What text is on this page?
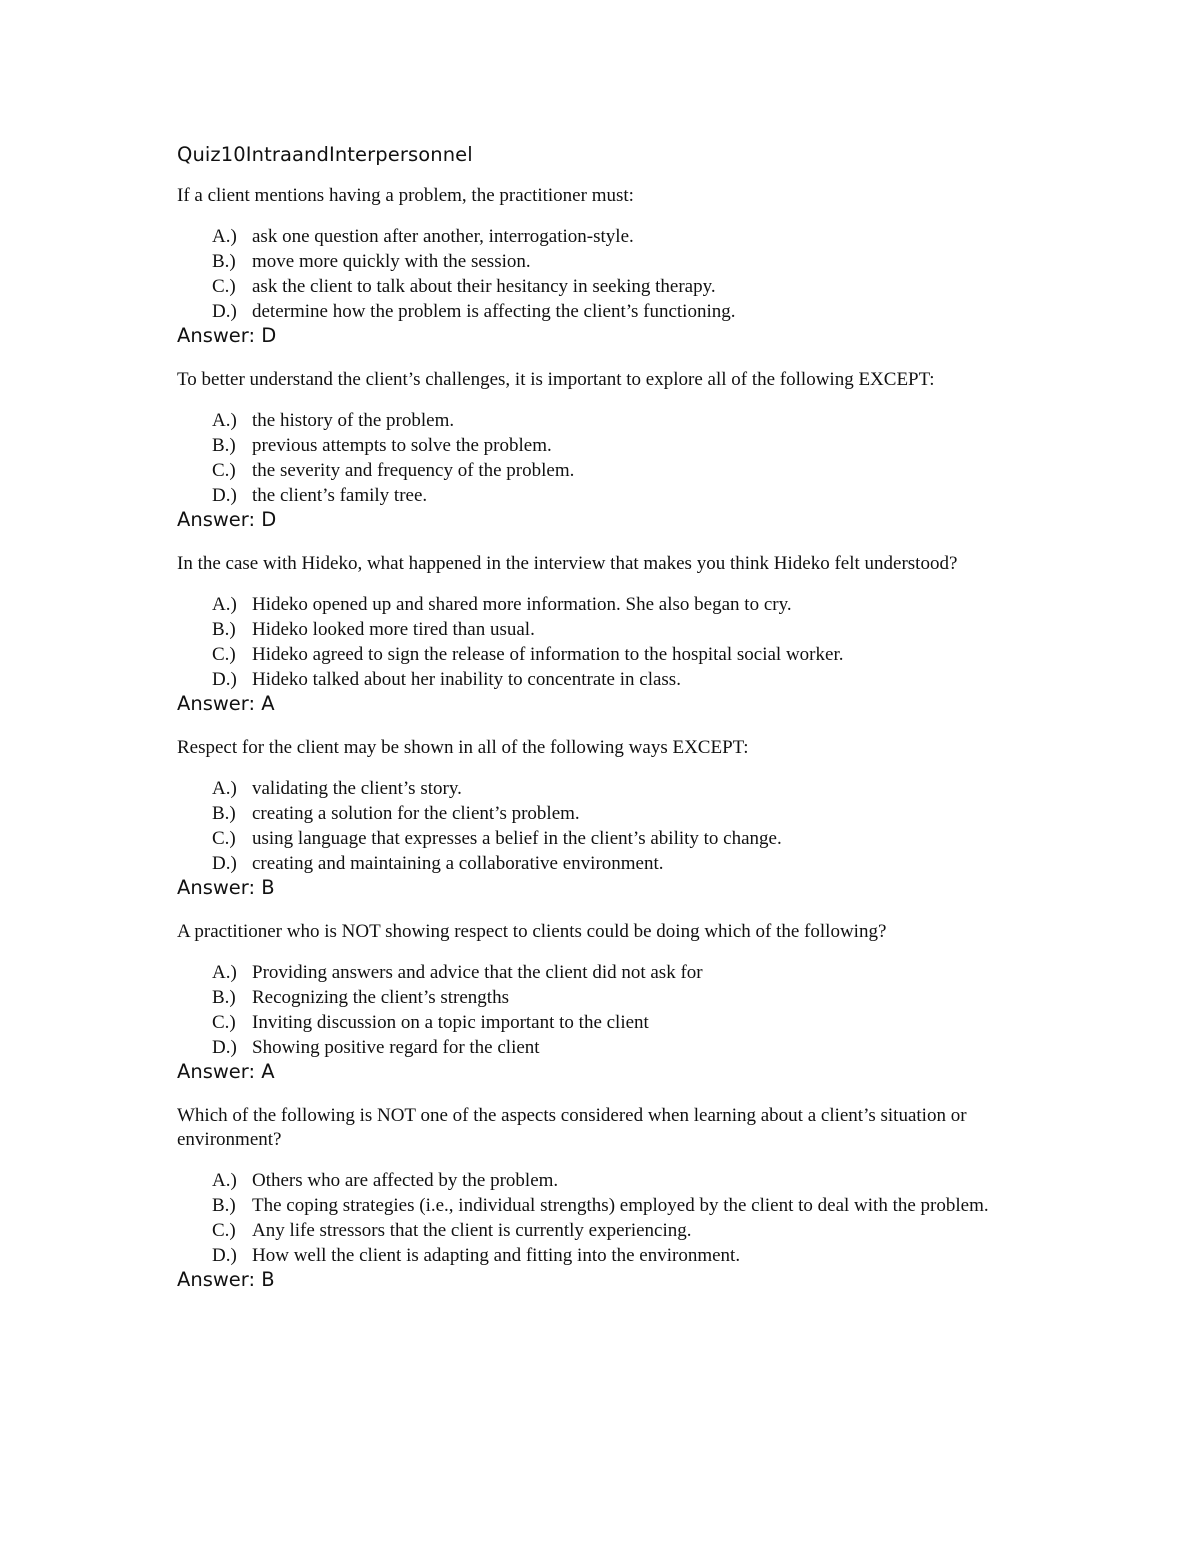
Quiz10IntraandInterpersonnel

If a client mentions having a problem, the practitioner must:

A.) ask one question after another, interrogation-style.
B.) move more quickly with the session.
C.) ask the client to talk about their hesitancy in seeking therapy.
D.) determine how the problem is affecting the client’s functioning.

Answer: D

To better understand the client’s challenges, it is important to explore all of the following EXCEPT:

A.) the history of the problem.
B.) previous attempts to solve the problem.
C.) the severity and frequency of the problem.
D.) the client’s family tree.

Answer: D

In the case with Hideko, what happened in the interview that makes you think Hideko felt understood?

A.) Hideko opened up and shared more information. She also began to cry.
B.) Hideko looked more tired than usual.
C.) Hideko agreed to sign the release of information to the hospital social worker.
D.) Hideko talked about her inability to concentrate in class.

Answer: A

Respect for the client may be shown in all of the following ways EXCEPT:

A.) validating the client’s story.
B.) creating a solution for the client’s problem.
C.) using language that expresses a belief in the client’s ability to change.
D.) creating and maintaining a collaborative environment.

Answer: B

A practitioner who is NOT showing respect to clients could be doing which of the following?

A.) Providing answers and advice that the client did not ask for
B.) Recognizing the client’s strengths
C.) Inviting discussion on a topic important to the client
D.) Showing positive regard for the client

Answer: A

Which of the following is NOT one of the aspects considered when learning about a client’s situation or environment?

A.) Others who are affected by the problem.
B.) The coping strategies (i.e., individual strengths) employed by the client to deal with the problem.
C.) Any life stressors that the client is currently experiencing.
D.) How well the client is adapting and fitting into the environment.

Answer: B
